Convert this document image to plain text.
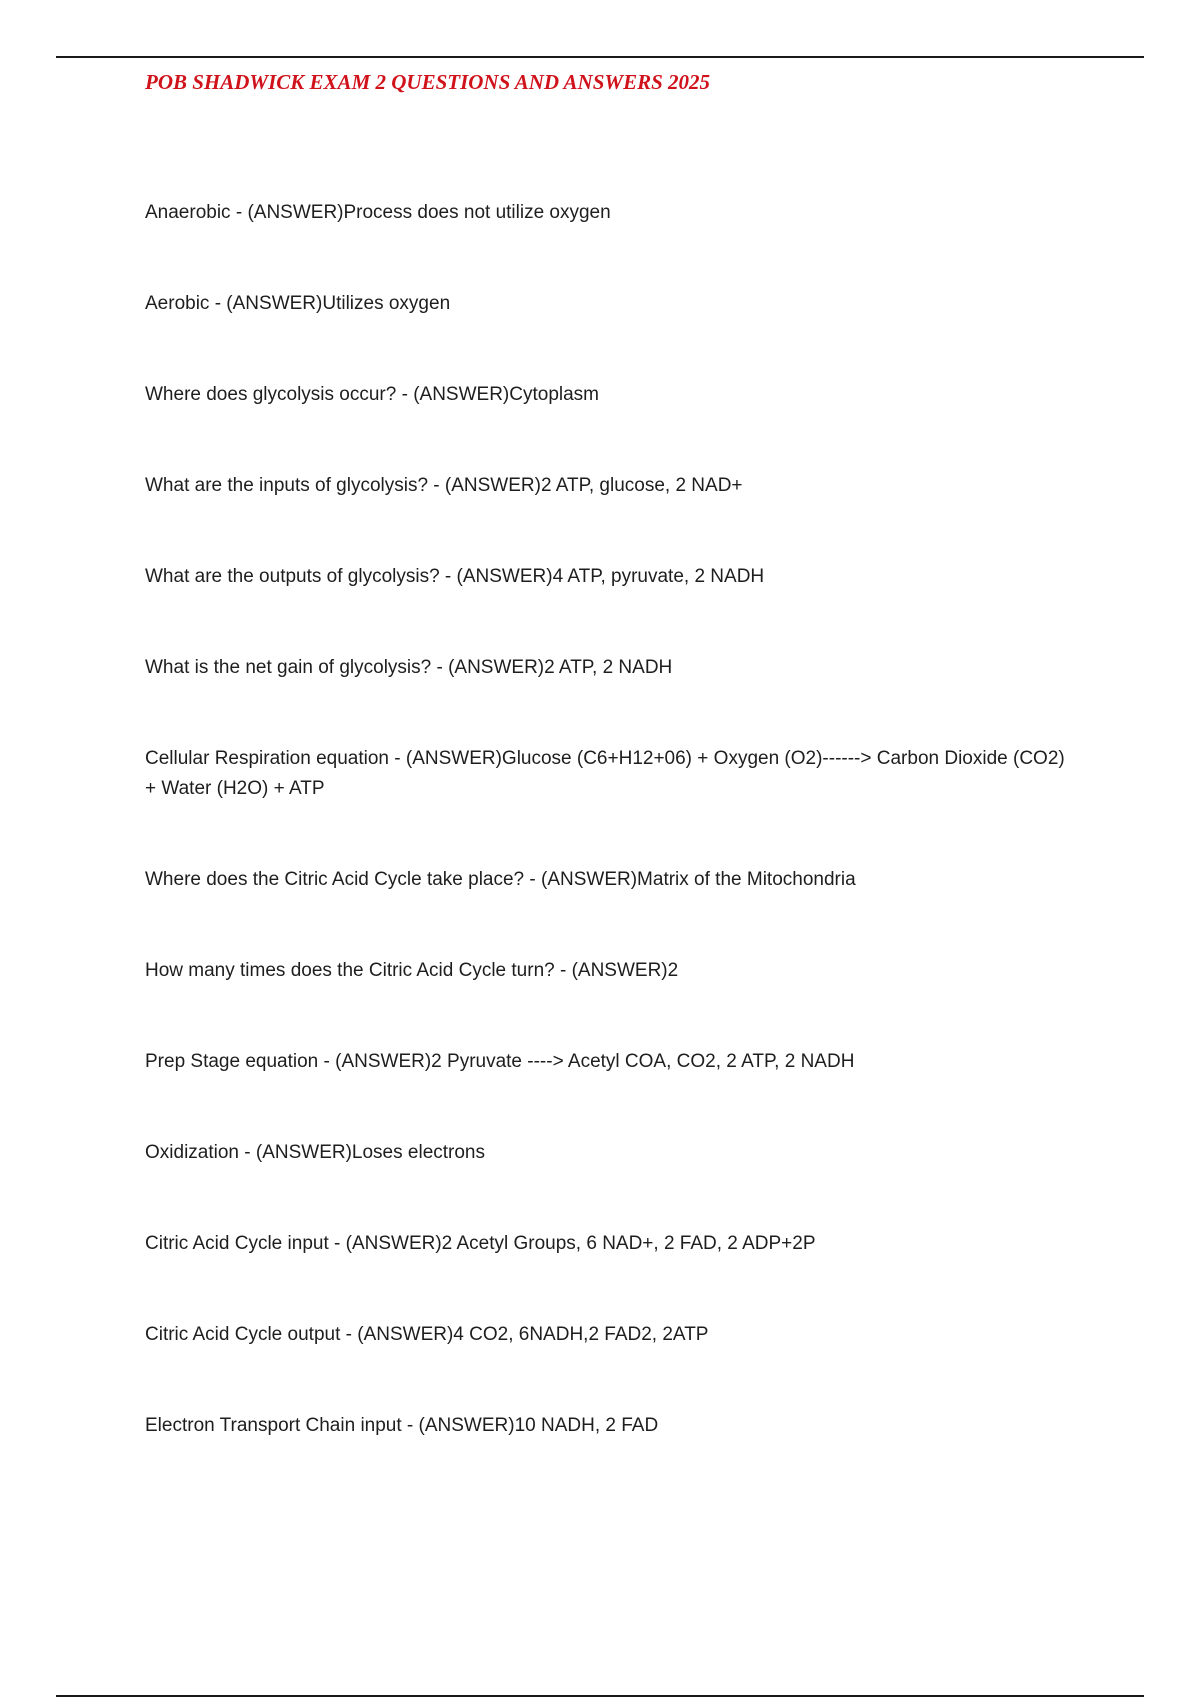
POB SHADWICK EXAM 2 QUESTIONS AND ANSWERS 2025
Anaerobic - (ANSWER)Process does not utilize oxygen
Aerobic - (ANSWER)Utilizes oxygen
Where does glycolysis occur? - (ANSWER)Cytoplasm
What are the inputs of glycolysis? - (ANSWER)2 ATP, glucose, 2 NAD+
What are the outputs of glycolysis? - (ANSWER)4 ATP, pyruvate, 2 NADH
What is the net gain of glycolysis? - (ANSWER)2 ATP, 2 NADH
Cellular Respiration equation - (ANSWER)Glucose (C6+H12+06) + Oxygen (O2)------> Carbon Dioxide (CO2) + Water (H2O) + ATP
Where does the Citric Acid Cycle take place? - (ANSWER)Matrix of the Mitochondria
How many times does the Citric Acid Cycle turn? - (ANSWER)2
Prep Stage equation - (ANSWER)2 Pyruvate ----> Acetyl COA, CO2, 2 ATP, 2 NADH
Oxidization - (ANSWER)Loses electrons
Citric Acid Cycle input - (ANSWER)2 Acetyl Groups, 6 NAD+, 2 FAD, 2 ADP+2P
Citric Acid Cycle output - (ANSWER)4 CO2, 6NADH,2 FAD2, 2ATP
Electron Transport Chain input - (ANSWER)10 NADH, 2 FAD
